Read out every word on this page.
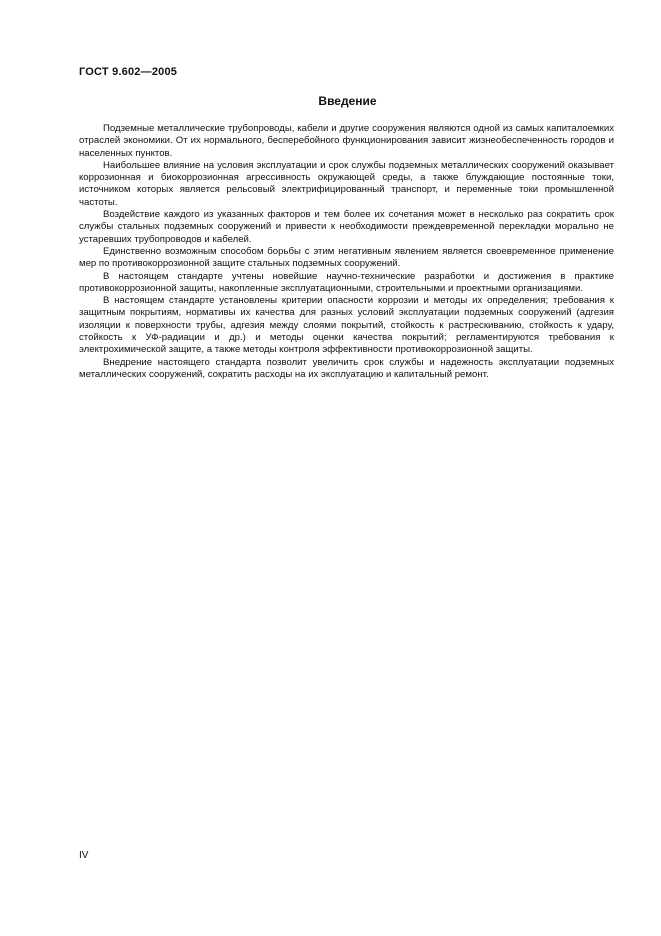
ГОСТ 9.602—2005
Введение

Подземные металлические трубопроводы, кабели и другие сооружения являются одной из самых капиталоемких отраслей экономики. От их нормального, бесперебойного функционирования зависит жизнеобеспеченность городов и населенных пунктов.

Наибольшее влияние на условия эксплуатации и срок службы подземных металлических сооружений оказывает коррозионная и биокоррозионная агрессивность окружающей среды, а также блуждающие постоянные токи, источником которых является рельсовый электрифицированный транспорт, и переменные токи промышленной частоты.

Воздействие каждого из указанных факторов и тем более их сочетания может в несколько раз сократить срок службы стальных подземных сооружений и привести к необходимости преждевременной перекладки морально не устаревших трубопроводов и кабелей.

Единственно возможным способом борьбы с этим негативным явлением является своевременное применение мер по противокоррозионной защите стальных подземных сооружений.

В настоящем стандарте учтены новейшие научно-технические разработки и достижения в практике противокоррозионной защиты, накопленные эксплуатационными, строительными и проектными организациями.

В настоящем стандарте установлены критерии опасности коррозии и методы их определения; требования к защитным покрытиям, нормативы их качества для разных условий эксплуатации подземных сооружений (адгезия изоляции к поверхности трубы, адгезия между слоями покрытий, стойкость к растрескиванию, стойкость к удару, стойкость к УФ-радиации и др.) и методы оценки качества покрытий; регламентируются требования к электрохимической защите, а также методы контроля эффективности противокоррозионной защиты.

Внедрение настоящего стандарта позволит увеличить срок службы и надежность эксплуатации подземных металлических сооружений, сократить расходы на их эксплуатацию и капитальный ремонт.

IV
